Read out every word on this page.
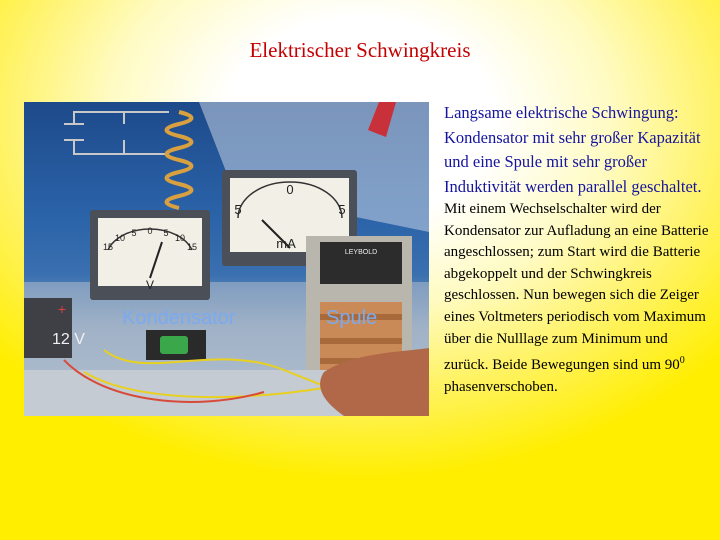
Elektrischer Schwingkreis
V
15
10 5 0 5 10
15
5
0
5
mA
LEYBOLD
+
12 V
Kondensator	Spule

Langsame elektrische Schwingung: Kondensator mit sehr großer Kapazität und eine Spule mit sehr großer Induktivität werden parallel geschaltet.

Mit einem Wechselschalter wird der Kondensator zur Aufladung an eine Batterie angeschlossen; zum Start wird die Batterie abgekoppelt und der Schwingkreis geschlossen. Nun bewegen sich die Zeiger eines Voltmeters periodisch vom Maximum über die Nulllage zum Minimum und zurück. Beide Bewegungen sind um $90^0$ phasenverschoben.
